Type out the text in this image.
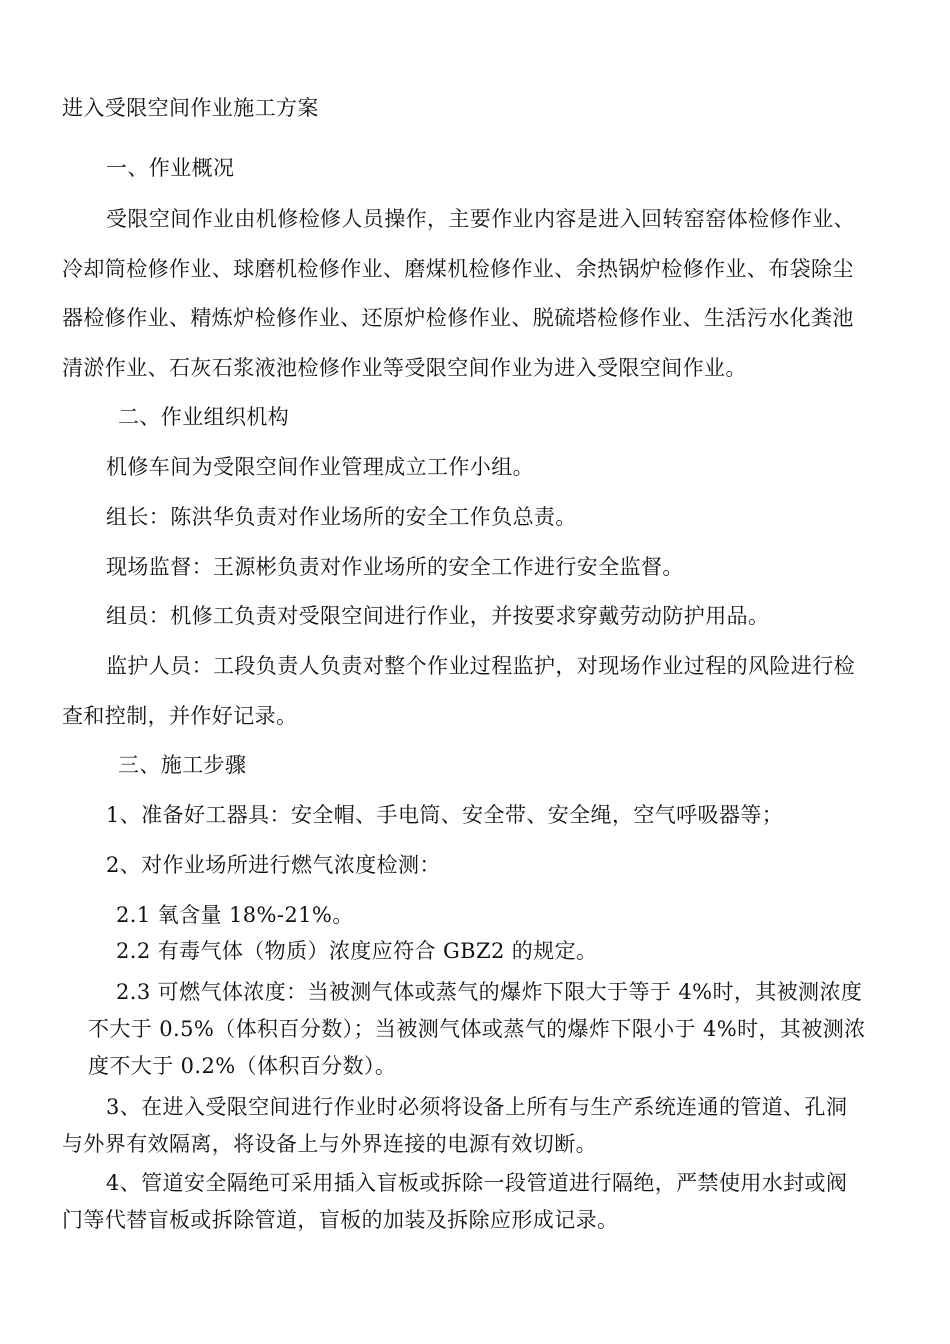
进入受限空间作业施工方案
一、作业概况
受限空间作业由机修检修人员操作，主要作业内容是进入回转窑窑体检修作业、
冷却筒检修作业、球磨机检修作业、磨煤机检修作业、余热锅炉检修作业、布袋除尘
器检修作业、精炼炉检修作业、还原炉检修作业、脱硫塔检修作业、生活污水化粪池
清淤作业、石灰石浆液池检修作业等受限空间作业为进入受限空间作业。
二、作业组织机构
机修车间为受限空间作业管理成立工作小组。
组长：陈洪华负责对作业场所的安全工作负总责。
现场监督：王源彬负责对作业场所的安全工作进行安全监督。
组员：机修工负责对受限空间进行作业，并按要求穿戴劳动防护用品。
监护人员：工段负责人负责对整个作业过程监护，对现场作业过程的风险进行检
查和控制，并作好记录。
三、施工步骤
1、准备好工器具：安全帽、手电筒、安全带、安全绳，空气呼吸器等；
2、对作业场所进行燃气浓度检测：
2.1 氧含量 18%-21%。
2.2 有毒气体（物质）浓度应符合 GBZ2 的规定。
2.3 可燃气体浓度：当被测气体或蒸气的爆炸下限大于等于 4%时，其被测浓度
不大于 0.5%（体积百分数）；当被测气体或蒸气的爆炸下限小于 4%时，其被测浓
度不大于 0.2%（体积百分数）。
3、在进入受限空间进行作业时必须将设备上所有与生产系统连通的管道、孔洞
与外界有效隔离，将设备上与外界连接的电源有效切断。
4、管道安全隔绝可采用插入盲板或拆除一段管道进行隔绝，严禁使用水封或阀
门等代替盲板或拆除管道，盲板的加装及拆除应形成记录。
